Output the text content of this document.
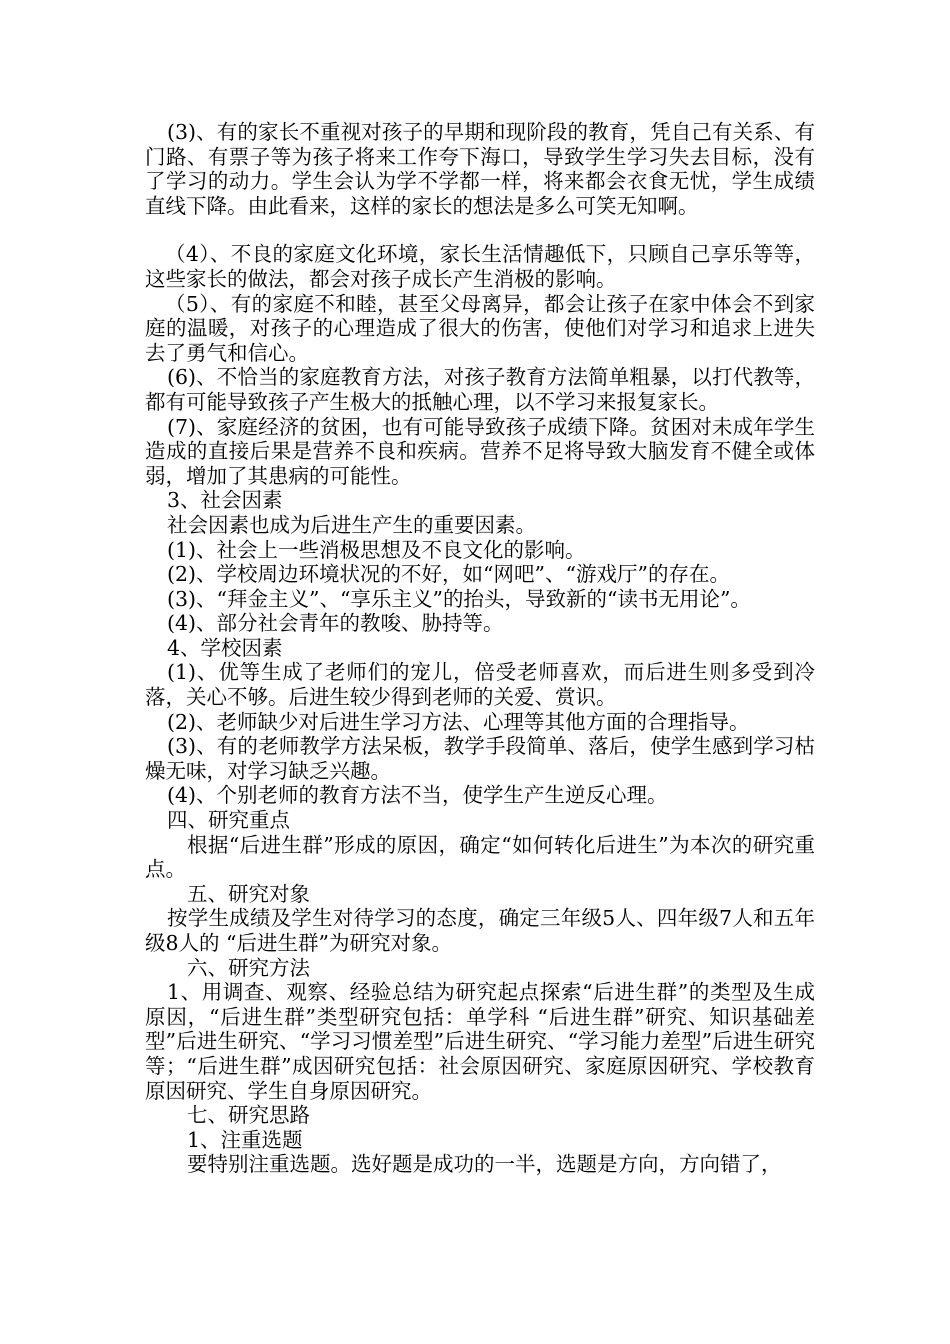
(3)、有的家长不重视对孩子的早期和现阶段的教育，凭自己有关系、有门路、有票子等为孩子将来工作夸下海口，导致学生学习失去目标，没有了学习的动力。学生会认为学不学都一样，将来都会衣食无忧，学生成绩直线下降。由此看来，这样的家长的想法是多么可笑无知啊。

（4）、不良的家庭文化环境，家长生活情趣低下，只顾自己享乐等等，这些家长的做法，都会对孩子成长产生消极的影响。

（5）、有的家庭不和睦，甚至父母离异，都会让孩子在家中体会不到家庭的温暖，对孩子的心理造成了很大的伤害，使他们对学习和追求上进失去了勇气和信心。

(6)、不恰当的家庭教育方法，对孩子教育方法简单粗暴，以打代教等，都有可能导致孩子产生极大的抵触心理，以不学习来报复家长。

(7)、家庭经济的贫困，也有可能导致孩子成绩下降。贫困对未成年学生造成的直接后果是营养不良和疾病。营养不足将导致大脑发育不健全或体弱，增加了其患病的可能性。

3、社会因素

社会因素也成为后进生产生的重要因素。

(1)、社会上一些消极思想及不良文化的影响。

(2)、学校周边环境状况的不好，如“网吧”、“游戏厅”的存在。

(3)、“拜金主义”、“享乐主义”的抬头，导致新的“读书无用论”。

(4)、部分社会青年的教唆、胁持等。

4、学校因素

(1)、优等生成了老师们的宠儿，倍受老师喜欢，而后进生则多受到冷落，关心不够。后进生较少得到老师的关爱、赏识。

(2)、老师缺少对后进生学习方法、心理等其他方面的合理指导。

(3)、有的老师教学方法呆板，教学手段简单、落后，使学生感到学习枯燥无味，对学习缺乏兴趣。

(4)、个别老师的教育方法不当，使学生产生逆反心理。

四、研究重点

根据“后进生群”形成的原因，确定“如何转化后进生”为本次的研究重点。

五、研究对象

按学生成绩及学生对待学习的态度，确定三年级5人、四年级7人和五年级8人的 “后进生群”为研究对象。

六、研究方法

1、用调查、观察、经验总结为研究起点探索“后进生群”的类型及生成原因，“后进生群”类型研究包括：单学科 “后进生群”研究、知识基础差型”后进生研究、“学习习惯差型”后进生研究、“学习能力差型”后进生研究等；“后进生群”成因研究包括：社会原因研究、家庭原因研究、学校教育原因研究、学生自身原因研究。

七、研究思路

1、注重选题

要特别注重选题。选好题是成功的一半，选题是方向，方向错了，
